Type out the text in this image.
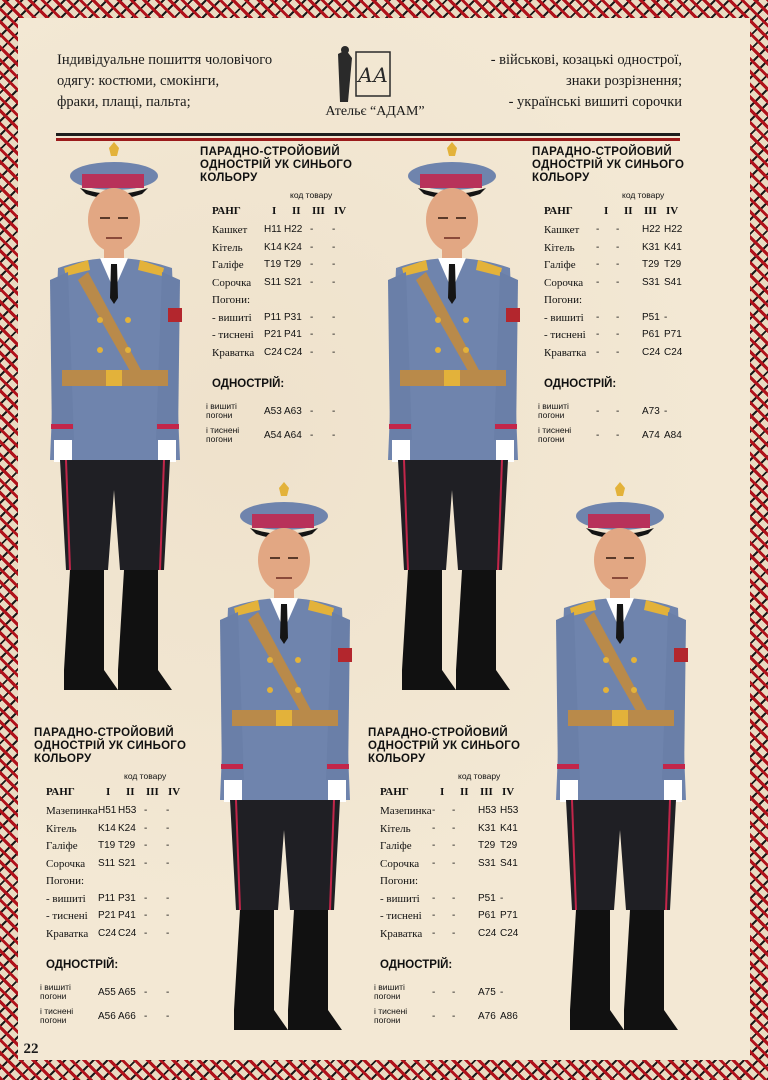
Індивідуальне пошиття чоловічого
одягу: костюми, смокінги,
фраки, плащі, пальта;
АА
Ательє “АДАМ”
- військові, козацькі однострої,
знаки розрізнення;
- українські вишиті сорочки
ПАРАДНО-СТРОЙОВИЙ
ОДНОСТРІЙ УК СИНЬОГО
КОЛЬОРУ
код товару
РАНГ	І ІІ ІІІ IV
Кашкет H11 H22 - -
Кітель K14 K24 - -
Галіфе T19 T29 - -
Сорочка S11 S21 - -
Погони:
- вишиті P11 P31 - -
- тиснені P21 P41 - -
Краватка C24 C24 - -
ОДНОСТРІЙ:
і вишиті
погони	A53 A63 - -
і тиснені
погони	A54 A64 - -
ПАРАДНО-СТРОЙОВИЙ
ОДНОСТРІЙ УК СИНЬОГО
КОЛЬОРУ
код товару
РАНГ	І ІІ ІІІ IV
Кашкет - - H22 H22
Кітель - - K31 K41
Галіфе - - T29 T29
Сорочка - - S31 S41
Погони:
- вишиті - - P51 -
- тиснені - - P61 P71
Краватка - - C24 C24
ОДНОСТРІЙ:
і вишиті
погони	- - A73 -
і тиснені
погони	- - A74 A84
ПАРАДНО-СТРОЙОВИЙ
ОДНОСТРІЙ УК СИНЬОГО
КОЛЬОРУ
код товару
РАНГ	І ІІ ІІІ IV
Мазепинка H51 H53 - -
Кітель K14 K24 - -
Галіфе T19 T29 - -
Сорочка S11 S21 - -
Погони:
- вишиті P11 P31 - -
- тиснені P21 P41 - -
Краватка C24 C24 - -
ОДНОСТРІЙ:
і вишиті
погони	A55 A65 - -
і тиснені
погони	A56 A66 - -
ПАРАДНО-СТРОЙОВИЙ
ОДНОСТРІЙ УК СИНЬОГО
КОЛЬОРУ
код товару
РАНГ	І ІІ ІІІ IV
Мазепинка - - H53 H53
Кітель - - K31 K41
Галіфе - - T29 T29
Сорочка - - S31 S41
Погони:
- вишиті - - P51 -
- тиснені - - P61 P71
Краватка - - C24 C24
ОДНОСТРІЙ:
і вишиті
погони	- - A75 -
і тиснені
погони	- - A76 A86
22
